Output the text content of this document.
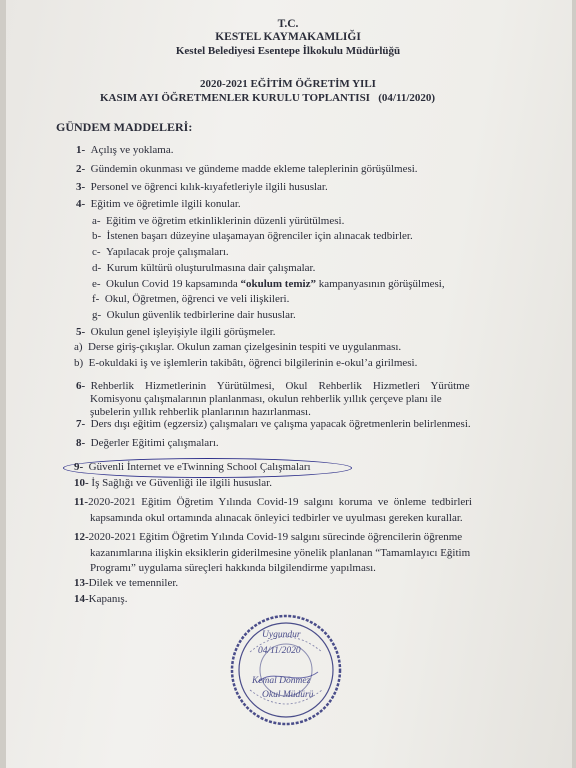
T.C.
KESTEL KAYMAKAMLIĞI
Kestel Belediyesi Esentepe İlkokulu Müdürlüğü
2020-2021 EĞİTİM ÖĞRETİM YILI
KASIM AYI ÖĞRETMENLER KURULU TOPLANTISI (04/11/2020)
GÜNDEM MADDELERİ:
1- Açılış ve yoklama.
2- Gündemin okunması ve gündeme madde ekleme taleplerinin görüşülmesi.
3- Personel ve öğrenci kılık-kıyafetleriyle ilgili hususlar.
4- Eğitim ve öğretimle ilgili konular.
a- Eğitim ve öğretim etkinliklerinin düzenli yürütülmesi.
b- İstenen başarı düzeyine ulaşamayan öğrenciler için alınacak tedbirler.
c- Yapılacak proje çalışmaları.
d- Kurum kültürü oluşturulmasına dair çalışmalar.
e- Okulun Covid 19 kapsamında “okulum temiz” kampanyasının görüşülmesi,
f- Okul, Öğretmen, öğrenci ve veli ilişkileri.
g- Okulun güvenlik tedbirlerine dair hususlar.
5- Okulun genel işleyişiyle ilgili görüşmeler.
a) Derse giriş-çıkışlar. Okulun zaman çizelgesinin tespiti ve uygulanması.
b) E-okuldaki iş ve işlemlerin takibâtı, öğrenci bilgilerinin e-okul’a girilmesi.
6- Rehberlik    Hizmetlerinin    Yürütülmesi,    Okul    Rehberlik    Hizmetleri    Yürütme
Komisyonu çalışmalarının planlanması, okulun rehberlik yıllık çerçeve planı ile
şubelerin yıllık rehberlik planlarının hazırlanması.
7- Ders dışı eğitim (egzersiz) çalışmaları ve çalışma yapacak öğretmenlerin belirlenmesi.
8- Değerler Eğitimi çalışmaları.
9- Güvenli İnternet ve eTwinning School Çalışmaları
10- İş Sağlığı ve Güvenliği ile ilgili hususlar.
11-2020-2021  Eğitim  Öğretim  Yılında  Covid-19  salgını  koruma  ve  önleme  tedbirleri
kapsamında okul ortamında alınacak önleyici tedbirler ve uyulması gereken kurallar.
12-2020-2021 Eğitim Öğretim Yılında Covid-19 salgını sürecinde öğrencilerin öğrenme
kazanımlarına ilişkin eksiklerin giderilmesine yönelik planlanan “Tamamlayıcı Eğitim
Programı” uygulama süreçleri hakkında bilgilendirme yapılması.
13-Dilek ve temenniler.
14-Kapanış.
Uygundur
04/11/2020
Kemal Dönmez
Okul Müdürü
